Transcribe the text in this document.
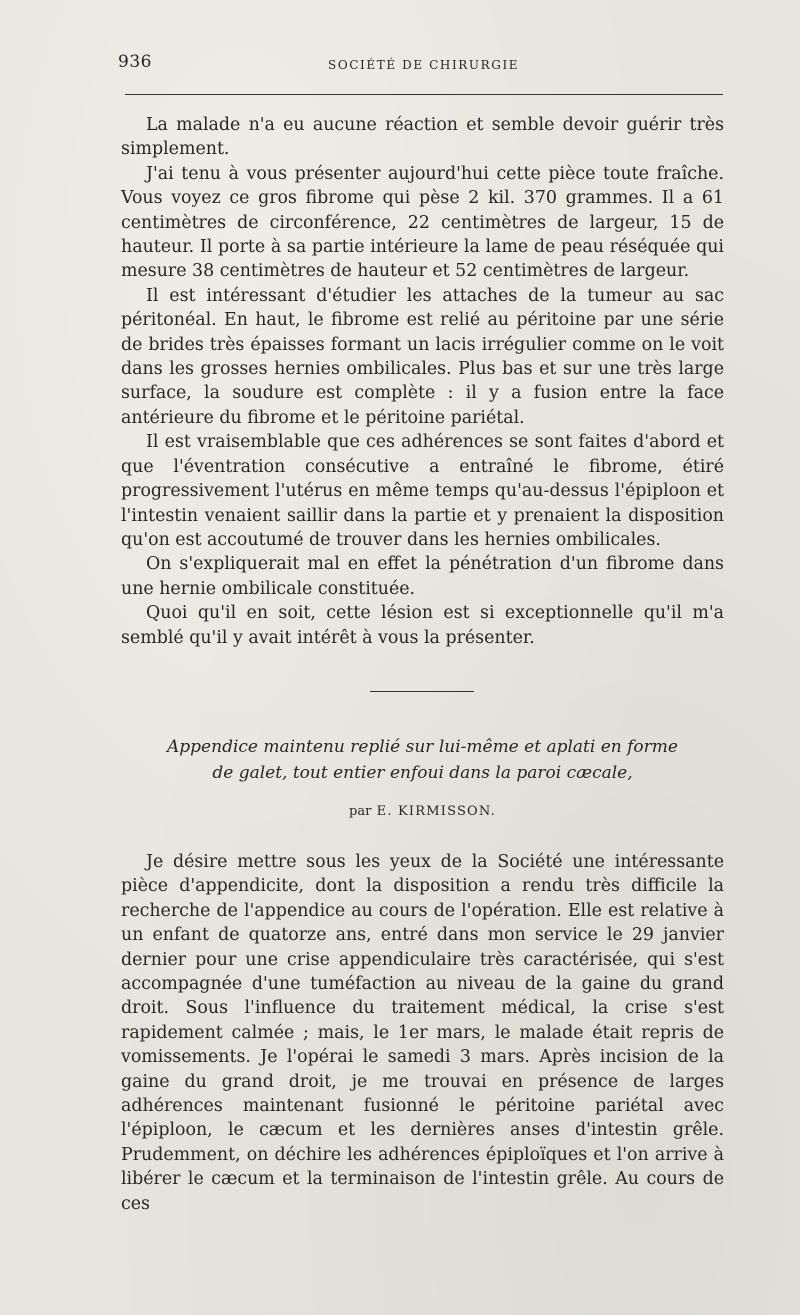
936	SOCIÉTÉ DE CHIRURGIE

La malade n'a eu aucune réaction et semble devoir guérir très simplement.

J'ai tenu à vous présenter aujourd'hui cette pièce toute fraîche. Vous voyez ce gros fibrome qui pèse 2 kil. 370 grammes. Il a 61 centimètres de circonférence, 22 centimètres de largeur, 15 de hauteur. Il porte à sa partie intérieure la lame de peau réséquée qui mesure 38 centimètres de hauteur et 52 centimètres de largeur.

Il est intéressant d'étudier les attaches de la tumeur au sac péritonéal. En haut, le fibrome est relié au péritoine par une série de brides très épaisses formant un lacis irrégulier comme on le voit dans les grosses hernies ombilicales. Plus bas et sur une très large surface, la soudure est complète : il y a fusion entre la face antérieure du fibrome et le péritoine pariétal.

Il est vraisemblable que ces adhérences se sont faites d'abord et que l'éventration consécutive a entraîné le fibrome, étiré progressivement l'utérus en même temps qu'au-dessus l'épiploon et l'intestin venaient saillir dans la partie et y prenaient la disposition qu'on est accoutumé de trouver dans les hernies ombilicales.

On s'expliquerait mal en effet la pénétration d'un fibrome dans une hernie ombilicale constituée.

Quoi qu'il en soit, cette lésion est si exceptionnelle qu'il m'a semblé qu'il y avait intérêt à vous la présenter.

Appendice maintenu replié sur lui-même et aplati en forme
de galet, tout entier enfoui dans la paroi cæcale,
par E. KIRMISSON.

Je désire mettre sous les yeux de la Société une intéressante pièce d'appendicite, dont la disposition a rendu très difficile la recherche de l'appendice au cours de l'opération. Elle est relative à un enfant de quatorze ans, entré dans mon service le 29 janvier dernier pour une crise appendiculaire très caractérisée, qui s'est accompagnée d'une tuméfaction au niveau de la gaine du grand droit. Sous l'influence du traitement médical, la crise s'est rapidement calmée ; mais, le 1er mars, le malade était repris de vomissements. Je l'opérai le samedi 3 mars. Après incision de la gaine du grand droit, je me trouvai en présence de larges adhérences maintenant fusionné le péritoine pariétal avec l'épiploon, le cæcum et les dernières anses d'intestin grêle. Prudemment, on déchire les adhérences épiploïques et l'on arrive à libérer le cæcum et la terminaison de l'intestin grêle. Au cours de ces
